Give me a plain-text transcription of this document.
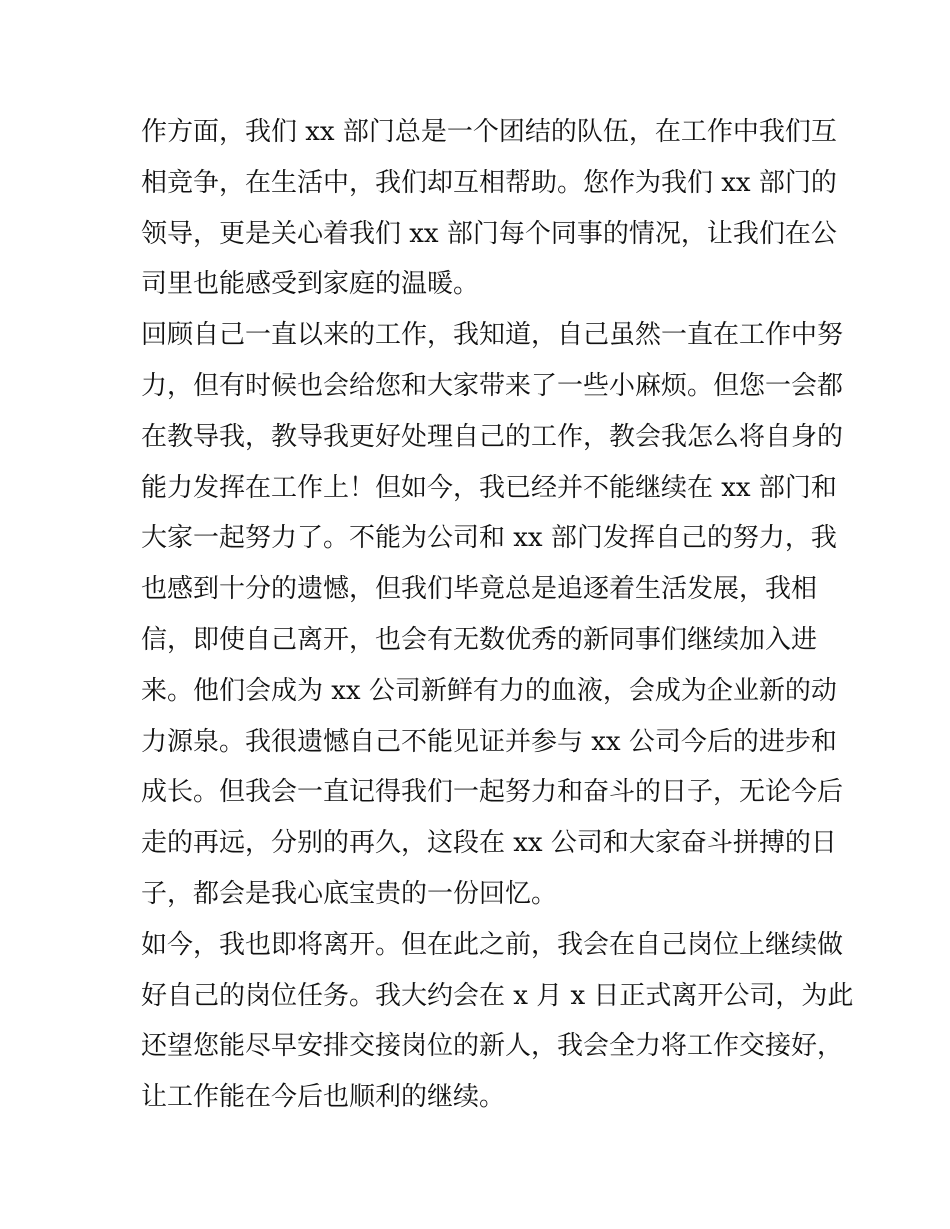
作方面，我们 xx 部门总是一个团结的队伍，在工作中我们互
相竞争，在生活中，我们却互相帮助。您作为我们 xx 部门的
领导，更是关心着我们 xx 部门每个同事的情况，让我们在公
司里也能感受到家庭的温暖。
回顾自己一直以来的工作，我知道，自己虽然一直在工作中努
力，但有时候也会给您和大家带来了一些小麻烦。但您一会都
在教导我，教导我更好处理自己的工作，教会我怎么将自身的
能力发挥在工作上！但如今，我已经并不能继续在 xx 部门和
大家一起努力了。不能为公司和 xx 部门发挥自己的努力，我
也感到十分的遗憾，但我们毕竟总是追逐着生活发展，我相
信，即使自己离开，也会有无数优秀的新同事们继续加入进
来。他们会成为 xx 公司新鲜有力的血液，会成为企业新的动
力源泉。我很遗憾自己不能见证并参与 xx 公司今后的进步和
成长。但我会一直记得我们一起努力和奋斗的日子，无论今后
走的再远，分别的再久，这段在 xx 公司和大家奋斗拼搏的日
子，都会是我心底宝贵的一份回忆。
如今，我也即将离开。但在此之前，我会在自己岗位上继续做
好自己的岗位任务。我大约会在 x 月 x 日正式离开公司，为此
还望您能尽早安排交接岗位的新人，我会全力将工作交接好，
让工作能在今后也顺利的继续。
